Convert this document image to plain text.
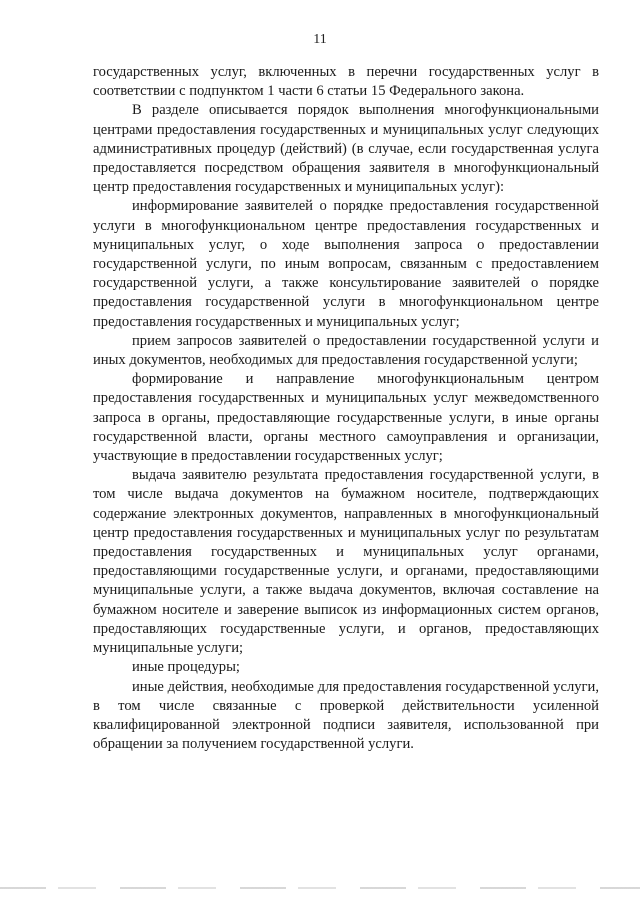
11

государственных услуг, включенных в перечни государственных услуг в соответствии с подпунктом 1 части 6 статьи 15 Федерального закона.

В разделе описывается порядок выполнения многофункциональными центрами предоставления государственных и муниципальных услуг следующих административных процедур (действий) (в случае, если государственная услуга предоставляется посредством обращения заявителя в многофункциональный центр предоставления государственных и муниципальных услуг):

информирование заявителей о порядке предоставления государственной услуги в многофункциональном центре предоставления государственных и муниципальных услуг, о ходе выполнения запроса о предоставлении государственной услуги, по иным вопросам, связанным с предоставлением государственной услуги, а также консультирование заявителей о порядке предоставления государственной услуги в многофункциональном центре предоставления государственных и муниципальных услуг;

прием запросов заявителей о предоставлении государственной услуги и иных документов, необходимых для предоставления государственной услуги;

формирование и направление многофункциональным центром предоставления государственных и муниципальных услуг межведомственного запроса в органы, предоставляющие государственные услуги, в иные органы государственной власти, органы местного самоуправления и организации, участвующие в предоставлении государственных услуг;

выдача заявителю результата предоставления государственной услуги, в том числе выдача документов на бумажном носителе, подтверждающих содержание электронных документов, направленных в многофункциональный центр предоставления государственных и муниципальных услуг по результатам предоставления государственных и муниципальных услуг органами, предоставляющими государственные услуги, и органами, предоставляющими муниципальные услуги, а также выдача документов, включая составление на бумажном носителе и заверение выписок из информационных систем органов, предоставляющих государственные услуги, и органов, предоставляющих муниципальные услуги;

иные процедуры;

иные действия, необходимые для предоставления государственной услуги, в том числе связанные с проверкой действительности усиленной квалифицированной электронной подписи заявителя, использованной при обращении за получением государственной услуги.
